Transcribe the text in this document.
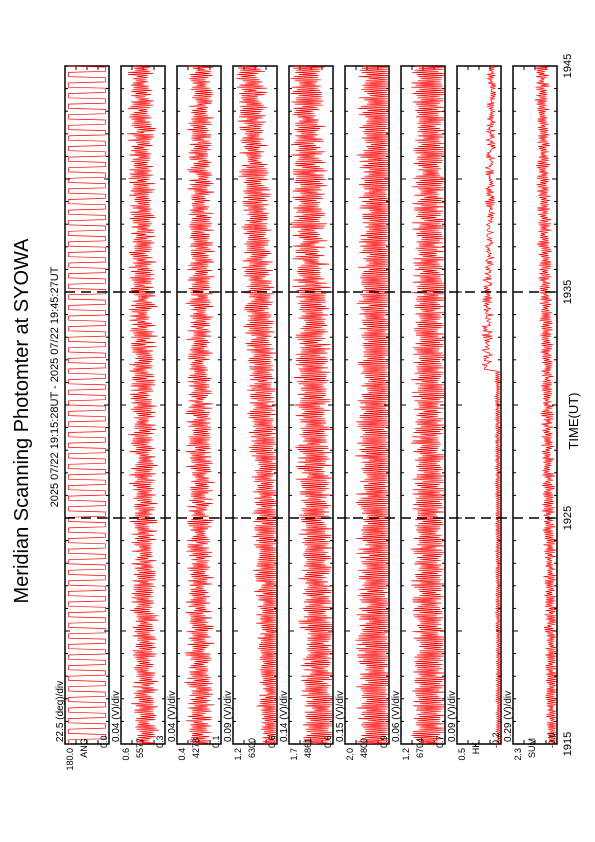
Meridian Scanning Photomter at SYOWA 2025 07/22 19:15:28UT - 2025 07/22 19:45:27UT
ANG 0.0
180.0
22.5 (deg)/div
5577 0.3
0.6
0.04 (V)/div
4278 0.1
0.4
0.04 (V)/div
6300 0.6
1.2
0.09 (V)/div
4861 0.6
1.7
0.14 (V)/div
4800 0.9
2.0
0.15 (V)/div
6704 0.7
1.2
0.06 (V)/div
HK -0.2
0.5
0.09 (V)/div
SUM -0.0
2.3
0.29 (V)/div
1915
1925
1935
1945
TIME(UT)
